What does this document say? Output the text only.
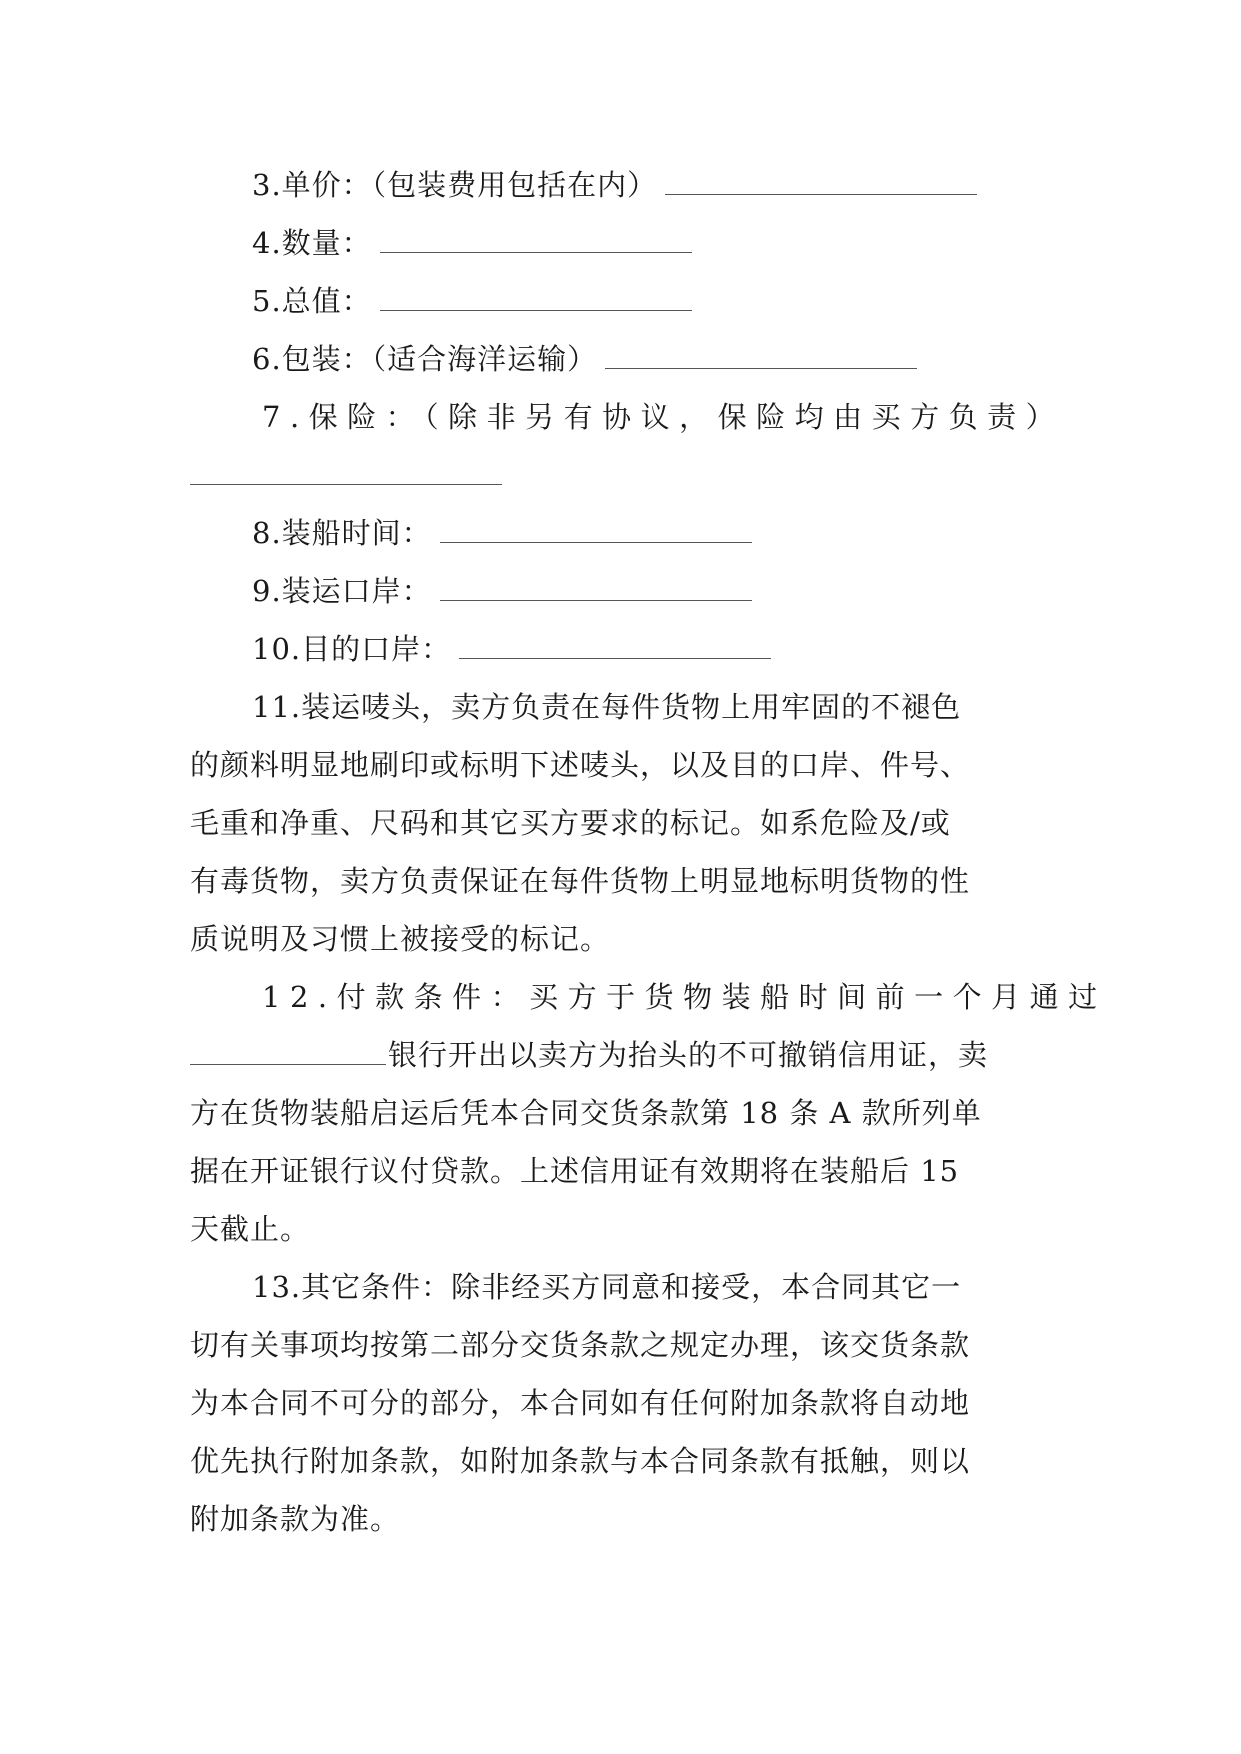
3.单价：（包装费用包括在内）
4.数量：
5.总值：
6.包装：（适合海洋运输）
7.保险：（除非另有协议，保险均由买方负责）
8.装船时间：
9.装运口岸：
10.目的口岸：
11.装运唛头，卖方负责在每件货物上用牢固的不褪色
的颜料明显地刷印或标明下述唛头，以及目的口岸、件号、
毛重和净重、尺码和其它买方要求的标记。如系危险及/或
有毒货物，卖方负责保证在每件货物上明显地标明货物的性
质说明及习惯上被接受的标记。
12.付款条件：买方于货物装船时间前一个月通过
银行开出以卖方为抬头的不可撤销信用证，卖
方在货物装船启运后凭本合同交货条款第 18 条 A 款所列单
据在开证银行议付贷款。上述信用证有效期将在装船后 15
天截止。
13.其它条件：除非经买方同意和接受，本合同其它一
切有关事项均按第二部分交货条款之规定办理，该交货条款
为本合同不可分的部分，本合同如有任何附加条款将自动地
优先执行附加条款，如附加条款与本合同条款有抵触，则以
附加条款为准。
